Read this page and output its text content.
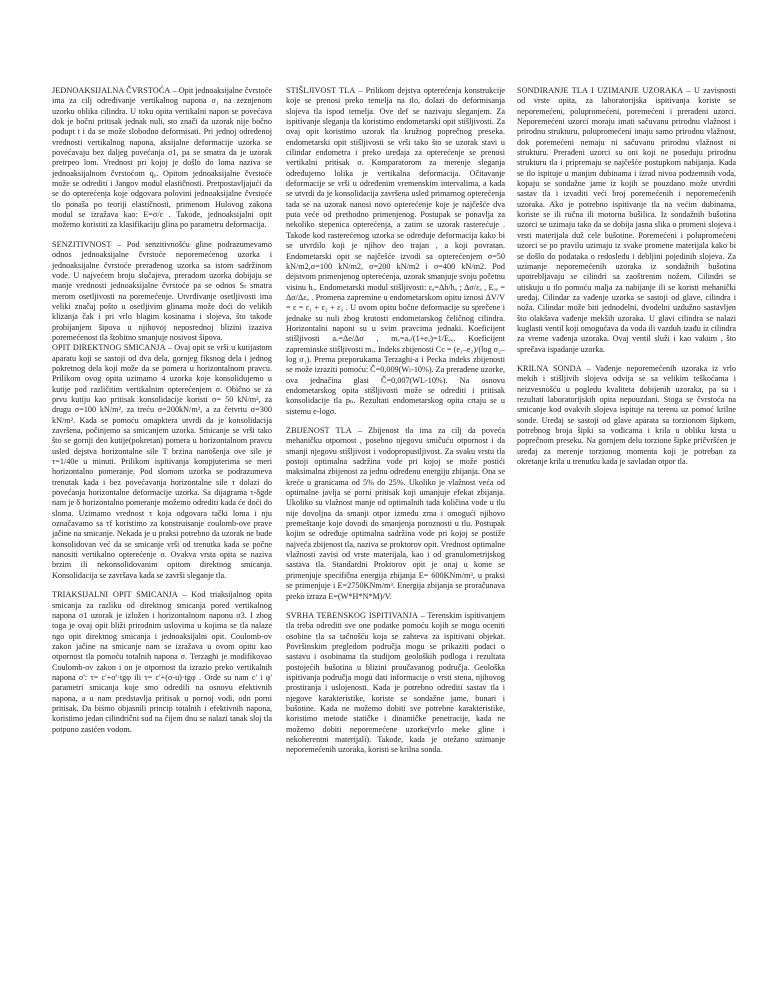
JEDNOAKSIJALNA ČVRSTOĆA – Opit jednoaksijalne čvrstoće ima za cilj određivanje vertikalnog napona σ₁ na zeznjenom uzorku oblika cilindra. U toku opita vertikalni napon se povećava dok je bočni pritisak jednak nuli, sto znači da uzorak nije bočno podupt t i da se može slobodno deformisati. Pri jednoj određenoj vrednosti vertikalnog napona, aksijalne deformacije uzorka se povećavaju bez daljeg povećanja σ1, pa se smatra da je uzorak pretrpeo lom. Vrednost pri kojoj je došlo do loma naziva se jednoaksijalnom čvrstoćom qᵤ. Opitom jednoaksijalne čvrstoće može se odrediti i Jangov modul elastičnosti. Pretpostavljajući da se do opterećenja koje odgovara polovini jednoaksijalne čvrstoće tlo ponaša po teoriji elastičnosti, primenom Hulovog zakona modul se izražava kao: E=σ/ε . Takođe, jednoaksijalni opit možemo koristiti za klasifikaciju glina po parametru deformacija.

SENZITIVNOST – Pod senzitivnošću glinе podrazumevamo odnos jednoaksijalne čvrstoće neporemećenog uzorka i jednoaksijalne čvrstoće prerađenog uzorka sa istom sadržinom vode. U najvećem broju slučajeva, preradom uzorka dobijaju se manje vrednosti jednoaksijalne čvrstoće pa se odnos Sₜ smatra merom osetljivosti na poremećenje. Utvrđivanje osetljivosti ima veliki značaj pošto u osetljivim glinama može doći do velikih klizanja čak i pri vrlo blagim kosinama i slojeva, što takođe probijanjem šipova u njihovoj neposrednoj blizini izaziva poremećenost tla štobitno smanjuje nosivost šipova.

OPIT DIREKTNOG SMICANJA – Ovaj opit se vrši u kutijastom aparatu koji se sastoji od dva dela, gornjeg fiksnog dela i jednog pokretnog dela koji može da se pomera u horizontalnom pravcu. Prilikom ovog opita uzimamo 4 uzorka koje konsolidujemo u kutije pod različitim vertikalnim opterećenjem σ. Obično se za prvu kutiju kao pritisak konsolidacije koristi σ= 50 kN/m², za drugu σ=100 kN/m², za treću σ=200kN/m², a za četvrtu σ=300 kN/m². Kada se pomoću omapktera utvrdi da je konsolidacija završena, počinjemo sa smicanjem uzorka. Smicanje se vrši tako što se gornji deo kutije(pokretan) pomera u horizontalnom pravcu usled dejstva horizontalne sile T brzina nanošenja ove sile je τ=1/40e u minuti. Prilikom ispitivanja kompjuterima se meri horizontalno pomeranje. Pod slomom uzorka se podrazumeva trenutak kada i bez povećavanja horizontalne sile τ dolazi do povećanja horizontalne deformacije uzorka. Sa dijagrama τ-δgde nam je δ horizontalno pomeranje možemo odrediti kada će doći do sloma. Uzimamo vrednost τ koja odgovara tački loma i nju označavamo sa τf koristimo za konstruisanje coulomb-ove prave jačine na smicanje. Nekada je u praksi potrebno da uzorak ne bude konsolidovan već da se smicanje vrši od trenutka kada se počne nanositi vertikalno opterećenje σ. Ovakva vrsta opita se naziva brzim ili nekonsolidovanim opitom direktnog smicanja. Konsolidacija se završava kada se završi sleganje tla.

TRIAKSIJALNI OPIT SMICANJA – Kod triaksijalnog opita smicanja za razliku od direktnog smicanja pored vertikalnog napona σ1 uzorak je izložen i horizontalnom naponu σ3. I zbog toga je ovaj opit bliži prirodnim uslovima u kojima se tla nalaze ngo opit direktnog smicanja i jednoaksijalni opit. Coulomb-ov zakon jačine na smicanje nam se izražava u ovom opitu kao otpornost tla pomoću totalnih napona σ. Terzaghi je modifikovao Coulomb-ov zakon i on je otpornost tla izrazio preko vertikalnih napona σ': τ= c'+σ'·tgφ ili τ= c'+(σ-u)·tgφ . Orde su nam c' i φ' parametri smicanja koje smo odredili na osnovu efektivnih napona, a u nam predstavlja pritisak u pornoj vodi, odn porni pritisak. Da bismo objasnili princip totalnih i efektivnih napona, koristimo jedan cilindrični sud na čijem dnu se nalazi tanak sloj tla potpuno zasićen vodom.

STIŠLJIVOST TLA – Prilikom dejstva opterećenja konstrukcije koje se prenosi preko temelja na tlo, dolazi do deformisanja slojeva tla ispod temelja. Ove def se nazivaju sleganjem. Za ispitivanje sleganja tla koristimo endometarski opit stišljivosti. Za ovaj opit koristimo uzorak tla kružnog poprečnog preseka. endometarski opit stišljivosti se vrši tako što se uzorak stavi u cilindar endometra i preko uređaja za opterećenje se prenosi vertikalni pritisak σ. Komparatorom za merenje sleganja određujemo lolika je vertikalna deformacija. Očitavanje deformacije se vrši u određenim vremenskim intervalima, a kada se utvrdi da je konsolidacija završena usled primarnog opterećenja tada se na uzorak nanosi novo opterećenje koje je najčešće dva puta veće od prethodno primenjenog. Postupak se ponavlja za nekoliko stepenica opterećenja, a zatim se uzorak rasterećuje . Takođe kod rasterećenog uzorka se određuje deformacija kako bi se utvrdilo koji je njihov deo trajan , a koji povratan. Endometarski opit se najčešće izvodi sa opterećenjem σ=50 kN/m2,σ=100 kN/m2, σ=200 kN/m2 i σ=400 kN/m2. Pod dejstvom primenjenog opterećenja, uzorak smanjuje svoju početnu visinu hₒ. Endometarski modul stišljivosti: εₐ=Δh/hₒ ; Δσ/εₐ , Eₒₑ = Δσ/Δεₐ . Promena zapremine u endometarskom opitu iznosi ΔV/V = ε = ε₁ + ε₂ + ε₃ . U ovom opitu bočne deformacije su sprečene i jednake su nuli zbog krutosti endometarskog čeličnog cilindra. Horizontalni naponi su u svim pravcima jednaki. Koeficijent stišljivosti aᵥ=Δe/Δσ , mᵥ=aᵥ/(1+eₒ)=1/Eₒₑ. Koeficijent zapreminske stišljivosti mᵥ. Indeks zbijenosti Cc = (e₁–e₂)/(log σ₂–log σ₁). Prema preporukama Terzaghi-a i Pecka indeks zbijenosti se može izraziti pomoću: Č=0,009(Wₗ-10%). Za prerađene uzorke, ova jednačina glasi Č=0,007(WL-10%). Na osnovu endometarskog opita stišljivosti može se odrediti i pritisak konsolidacije tla pₙ. Rezultati endometarskog opita crtaju se u sistemu e-logσ.

ZBIJENOST TLA – Zbijenost tla ima za cilj da poveća mehaničku otpornost , posebno njegovu smičuću otpornost i da smanji njegovu stišljivost i vodopropustljivost. Za svaku vrstu tla postoji optimalna sadržina vode pri kojoj se može postići maksimalna zbijenost za jednu određenu energiju zbijanja. Ona se kreće u granicama od 5% do 25%. Ukoliko je vlažnost veća od optimalne javlja se porni pritisak koji umanjuje efekat zbijanja. Ukoliko su vlažnost manje od optimalnih tada količina vode u tlu nije dovoljna da smanji otpor između zrna i omogući njihovo premeštanje koje dovodi do smanjenja poroznosti u tlu. Postupak kojim se određuje optimalna sadržina vode pri kojoj se postiže najveća zbijenost tla, naziva se proktorov opit. Vrednost optimalne vlažnosti zavisi od vrste materijala, kao i od granulometrijskog sastava tla. Standardni Proktorov opit je onaj u kome se primenjuje specifična energija zbijanja E= 600KNm/m³, u praksi se primenjuje i E=2750KNm/m³. Energija zbijanja se proračunava preko izraza E=(W*H*N*M)/V.

SVRHA TERENSKOG ISPITIVANJA – Terenskim ispitivanjem tla treba odrediti sve one podatke pomoću kojih se mogu oceniti osobine tla sa tačnošću koja se zahteva za ispitivani objekat. Površinskim pregledom područja mogu se prikaziti podaci o sastavu i osobinama tla studijom geoloških podloga i rezultata postojećih bušotina u blizini proučavanog područja. Geološka ispitivanja područja mogu dati informacije o vrsti stena, njihovog prostiranja i uslojenosti. Kada je potrebno odrediti sastav tla i njegove karakteristike, koriste se sondažne jame, bunari i bušotine. Kada ne možemo dobiti sve potrebne karakteristike, koristimo metode statičke i dinamičke penetracije, kada ne možemo dobiti neporemećene uzorke(vrlo meke gline i nekoherentni materijali). Takođe, kada je otežano uzimanje neporemećenih uzoraka, koristi se krilna sonda.

SONDIRANJE TLA I UZIMANJE UZORAKA – U zavisnosti od vrste opita, za laboratorijska ispitivanja koriste se neporemećeni, polupromećeni, poremećeni i prerađeni uzorci. Neporemećeni uzorci moraju imati sačuvanu prirodnu vlažnost i prirodnu strukturu, polupromećeni imaju samo prirodnu vlažnost, dok poremećeni nemaju ni sačuvanu prirodnu vlažnost ni strukturu. Prerađeni uzorci su oni koji ne poseduju prirodnu strukturu tla i pripremaju se najčešće postupkom nabijanja. Kada se tlo ispituje u manjim dubinama i izrad nivoa podzemnih voda, kopaju se sondažne jame iz kojih se pouzdano može utvrditi sastav tla i izvaditi veći broj poremećenih i neporemećenih uzoraka. Ako je potrebno ispitivanje tla na većim dubinama, koriste se ili ručna ili motorna bušilica. Iz sondažnih bušotina uzorci se uzimaju tako da se dobija jasna slika o promeni slojeva i vrsti materijala duž cele bušotine. Poremećeni i polupromećeni uzorci se po pravilu uzimaju iz svake promene materijala kako bi se došlo do podataka o redosledu i debljini pojedinih slojeva. Za uzimanje neporemećenih uzoraka iz sondažnih bušotina upotrebljavaju se cilindri sa zaoštrenim nožem. Cilindri se utiskuju u tlo pomoću malja za nabijanje ili se koristi mehanički uređaj. Cilindar za vađenje uzorka se sastoji od glave, cilindra i noža. Cilindar može biti jednodelni, dvodelni uzdužno sastavljen što olakšava vađenje mekših uzoraka. U glavi cilindra se nalazi kuglasti ventil koji omogućava da voda ili vazduh izađu iz cilindra za vreme vađenja uzoraka. Ovaj ventil služi i kao vakum , što sprečava ispadanje uzorka.

KRILNA SONDA – Vađenje neporemećenih uzoraka iz vrlo mekih i stišljivih slojeva odvija se sa velikim teškoćama i neizvesnošću u pogledu kvaliteta dobijenih uzoraka, pa su i rezultati laboratorijskih opita nepouzdani. Stoga se čvrstoća na smicanje kod ovakvih slojeva ispituje na terenu uz pomoć krilne sonde. Uređaj se sastoji od glave aparata sa torzionom šipkom, potrebnog broja šipki sa vođicama i krila u obliku krsta u poprečnom preseku. Na gornjem delu torzione šipke pričvršćen je uređaj za merenje torzionog momenta koji je potreban za okretanje krila u trenutku kada je savladan otpor tla.
